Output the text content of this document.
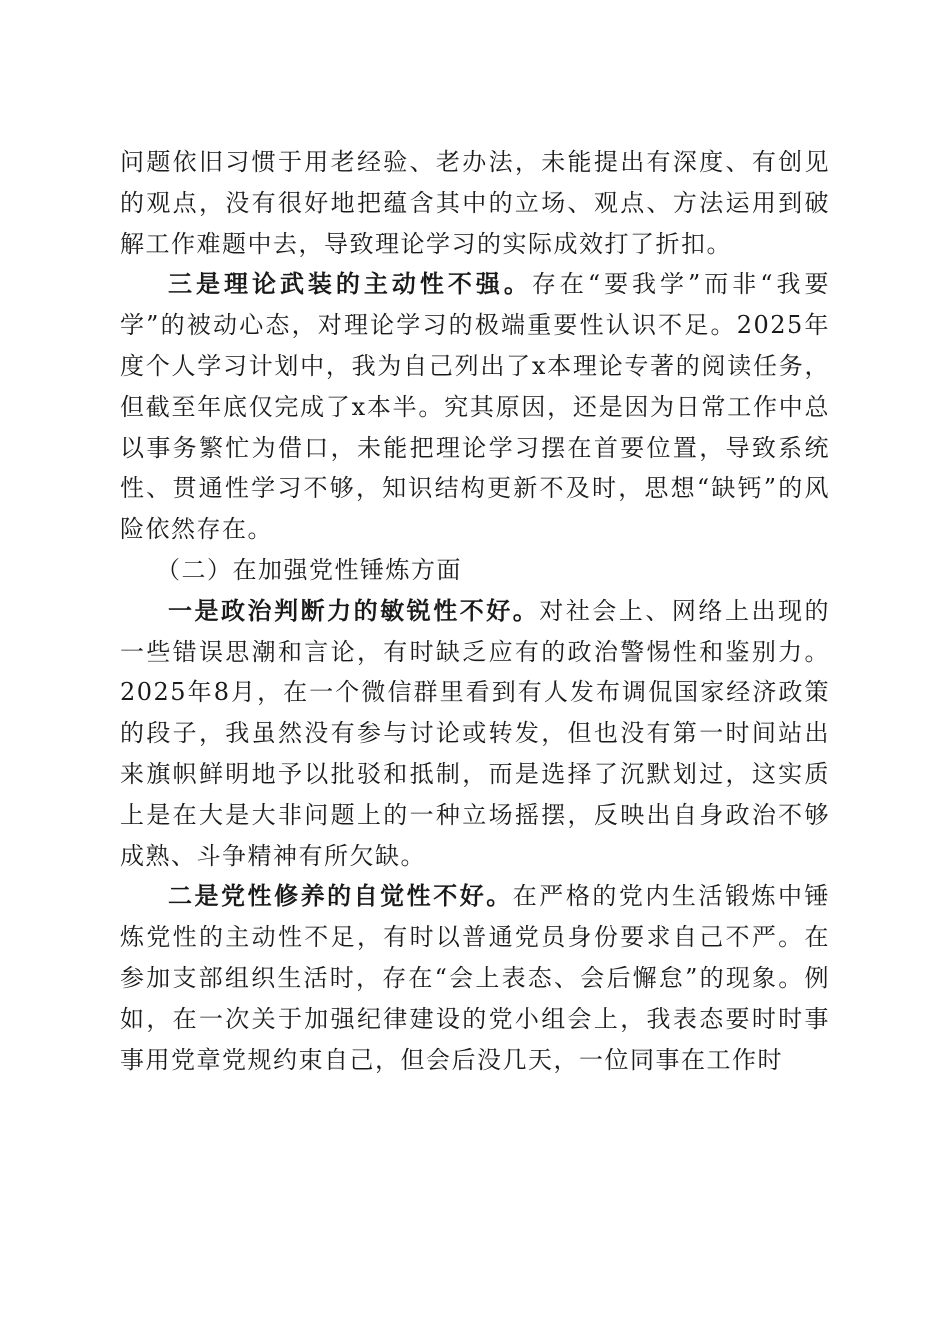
问题依旧习惯于用老经验、老办法，未能提出有深度、有创见的观点，没有很好地把蕴含其中的立场、观点、方法运用到破解工作难题中去，导致理论学习的实际成效打了折扣。

三是理论武装的主动性不强。存在“要我学”而非“我要学”的被动心态，对理论学习的极端重要性认识不足。2025年度个人学习计划中，我为自己列出了x本理论专著的阅读任务，但截至年底仅完成了x本半。究其原因，还是因为日常工作中总以事务繁忙为借口，未能把理论学习摆在首要位置，导致系统性、贯通性学习不够，知识结构更新不及时，思想“缺钙”的风险依然存在。

（二）在加强党性锤炼方面

一是政治判断力的敏锐性不好。对社会上、网络上出现的一些错误思潮和言论，有时缺乏应有的政治警惕性和鉴别力。2025年8月，在一个微信群里看到有人发布调侃国家经济政策的段子，我虽然没有参与讨论或转发，但也没有第一时间站出来旗帜鲜明地予以批驳和抵制，而是选择了沉默划过，这实质上是在大是大非问题上的一种立场摇摆，反映出自身政治不够成熟、斗争精神有所欠缺。

二是党性修养的自觉性不好。在严格的党内生活锻炼中锤炼党性的主动性不足，有时以普通党员身份要求自己不严。在参加支部组织生活时，存在“会上表态、会后懈怠”的现象。例如，在一次关于加强纪律建设的党小组会上，我表态要时时事事用党章党规约束自己，但会后没几天，一位同事在工作时
